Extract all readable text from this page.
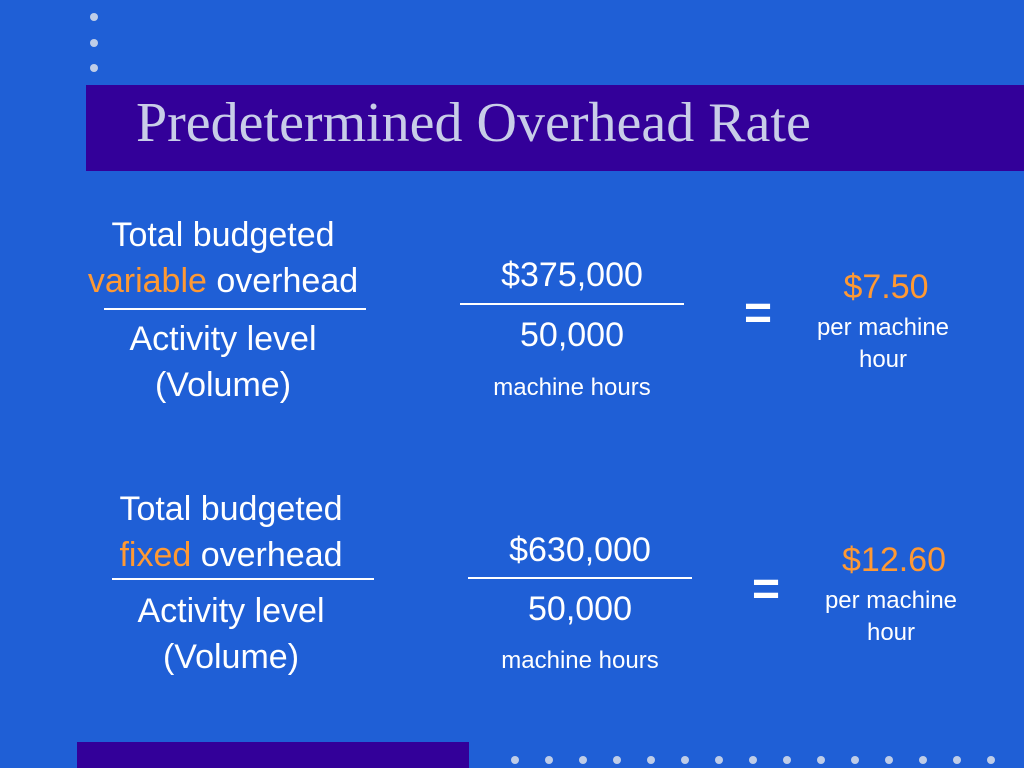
Predetermined Overhead Rate
Total budgeted
variable overhead
Activity level
(Volume)
$375,000
50,000
machine hours
=	$7.50
per machine
hour
Total budgeted
fixed overhead
Activity level
(Volume)
$630,000
50,000
machine hours
=
$12.60
per machine
hour
